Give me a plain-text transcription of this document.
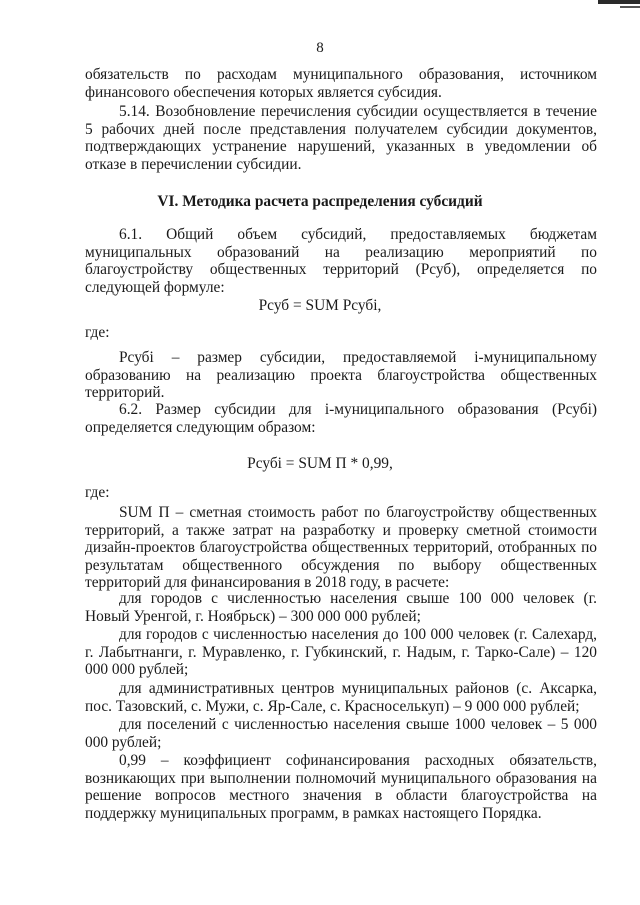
8
обязательств по расходам муниципального образования, источником финансового обеспечения которых является субсидия.
5.14. Возобновление перечисления субсидии осуществляется в течение 5 рабочих дней после представления получателем субсидии документов, подтверждающих устранение нарушений, указанных в уведомлении об отказе в перечислении субсидии.
VI. Методика расчета распределения субсидий
6.1. Общий объем субсидий, предоставляемых бюджетам муниципальных образований на реализацию мероприятий по благоустройству общественных территорий (Рсуб), определяется по следующей формуле:
Рсуб = SUM Рсубi,
где:
Рсубi – размер субсидии, предоставляемой i-муниципальному образованию на реализацию проекта благоустройства общественных территорий.
6.2. Размер субсидии для i-муниципального образования (Рсубi) определяется следующим образом:
Рсубi = SUM П * 0,99,
где:
SUM П – сметная стоимость работ по благоустройству общественных территорий, а также затрат на разработку и проверку сметной стоимости дизайн-проектов благоустройства общественных территорий, отобранных по результатам общественного обсуждения по выбору общественных территорий для финансирования в 2018 году, в расчете:
для городов с численностью населения свыше 100 000 человек (г. Новый Уренгой, г. Ноябрьск) – 300 000 000 рублей;
для городов с численностью населения до 100 000 человек (г. Салехард, г. Лабытнанги, г. Муравленко, г. Губкинский, г. Надым, г. Тарко-Сале) – 120 000 000 рублей;
для административных центров муниципальных районов (с. Аксарка, пос. Тазовский, с. Мужи, с. Яр-Сале, с. Красноселькуп) – 9 000 000 рублей;
для поселений с численностью населения свыше 1000 человек – 5 000 000 рублей;
0,99 – коэффициент софинансирования расходных обязательств, возникающих при выполнении полномочий муниципального образования на решение вопросов местного значения в области благоустройства на поддержку муниципальных программ, в рамках настоящего Порядка.
